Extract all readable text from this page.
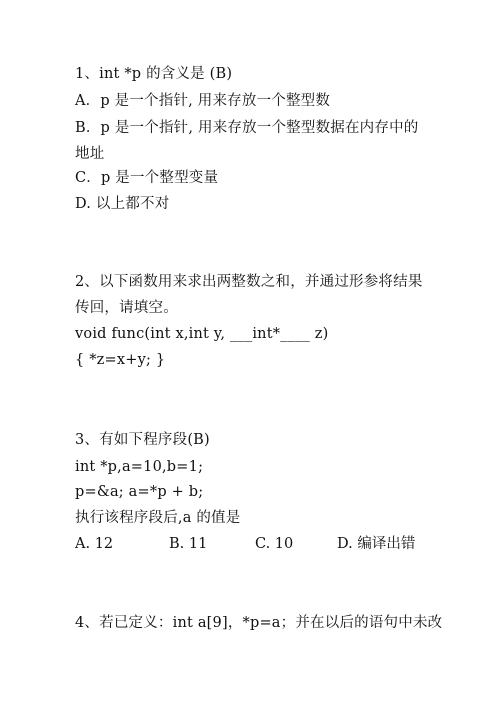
1、int *p 的含义是 (B)
A．p 是一个指针, 用来存放一个整型数
B．p 是一个指针, 用来存放一个整型数据在内存中的
地址
C．p 是一个整型变量
D. 以上都不对
2、以下函数用来求出两整数之和，并通过形参将结果
传回，请填空。
void func(int x,int y, ___int*____ z)
{ *z=x+y; }
3、有如下程序段(B)
int *p,a=10,b=1;
p=&a; a=*p + b;
执行该程序段后,a 的值是
A. 12	B. 11	C. 10	D. 编译出错
4、若已定义：int a[9]，*p=a；并在以后的语句中未改
